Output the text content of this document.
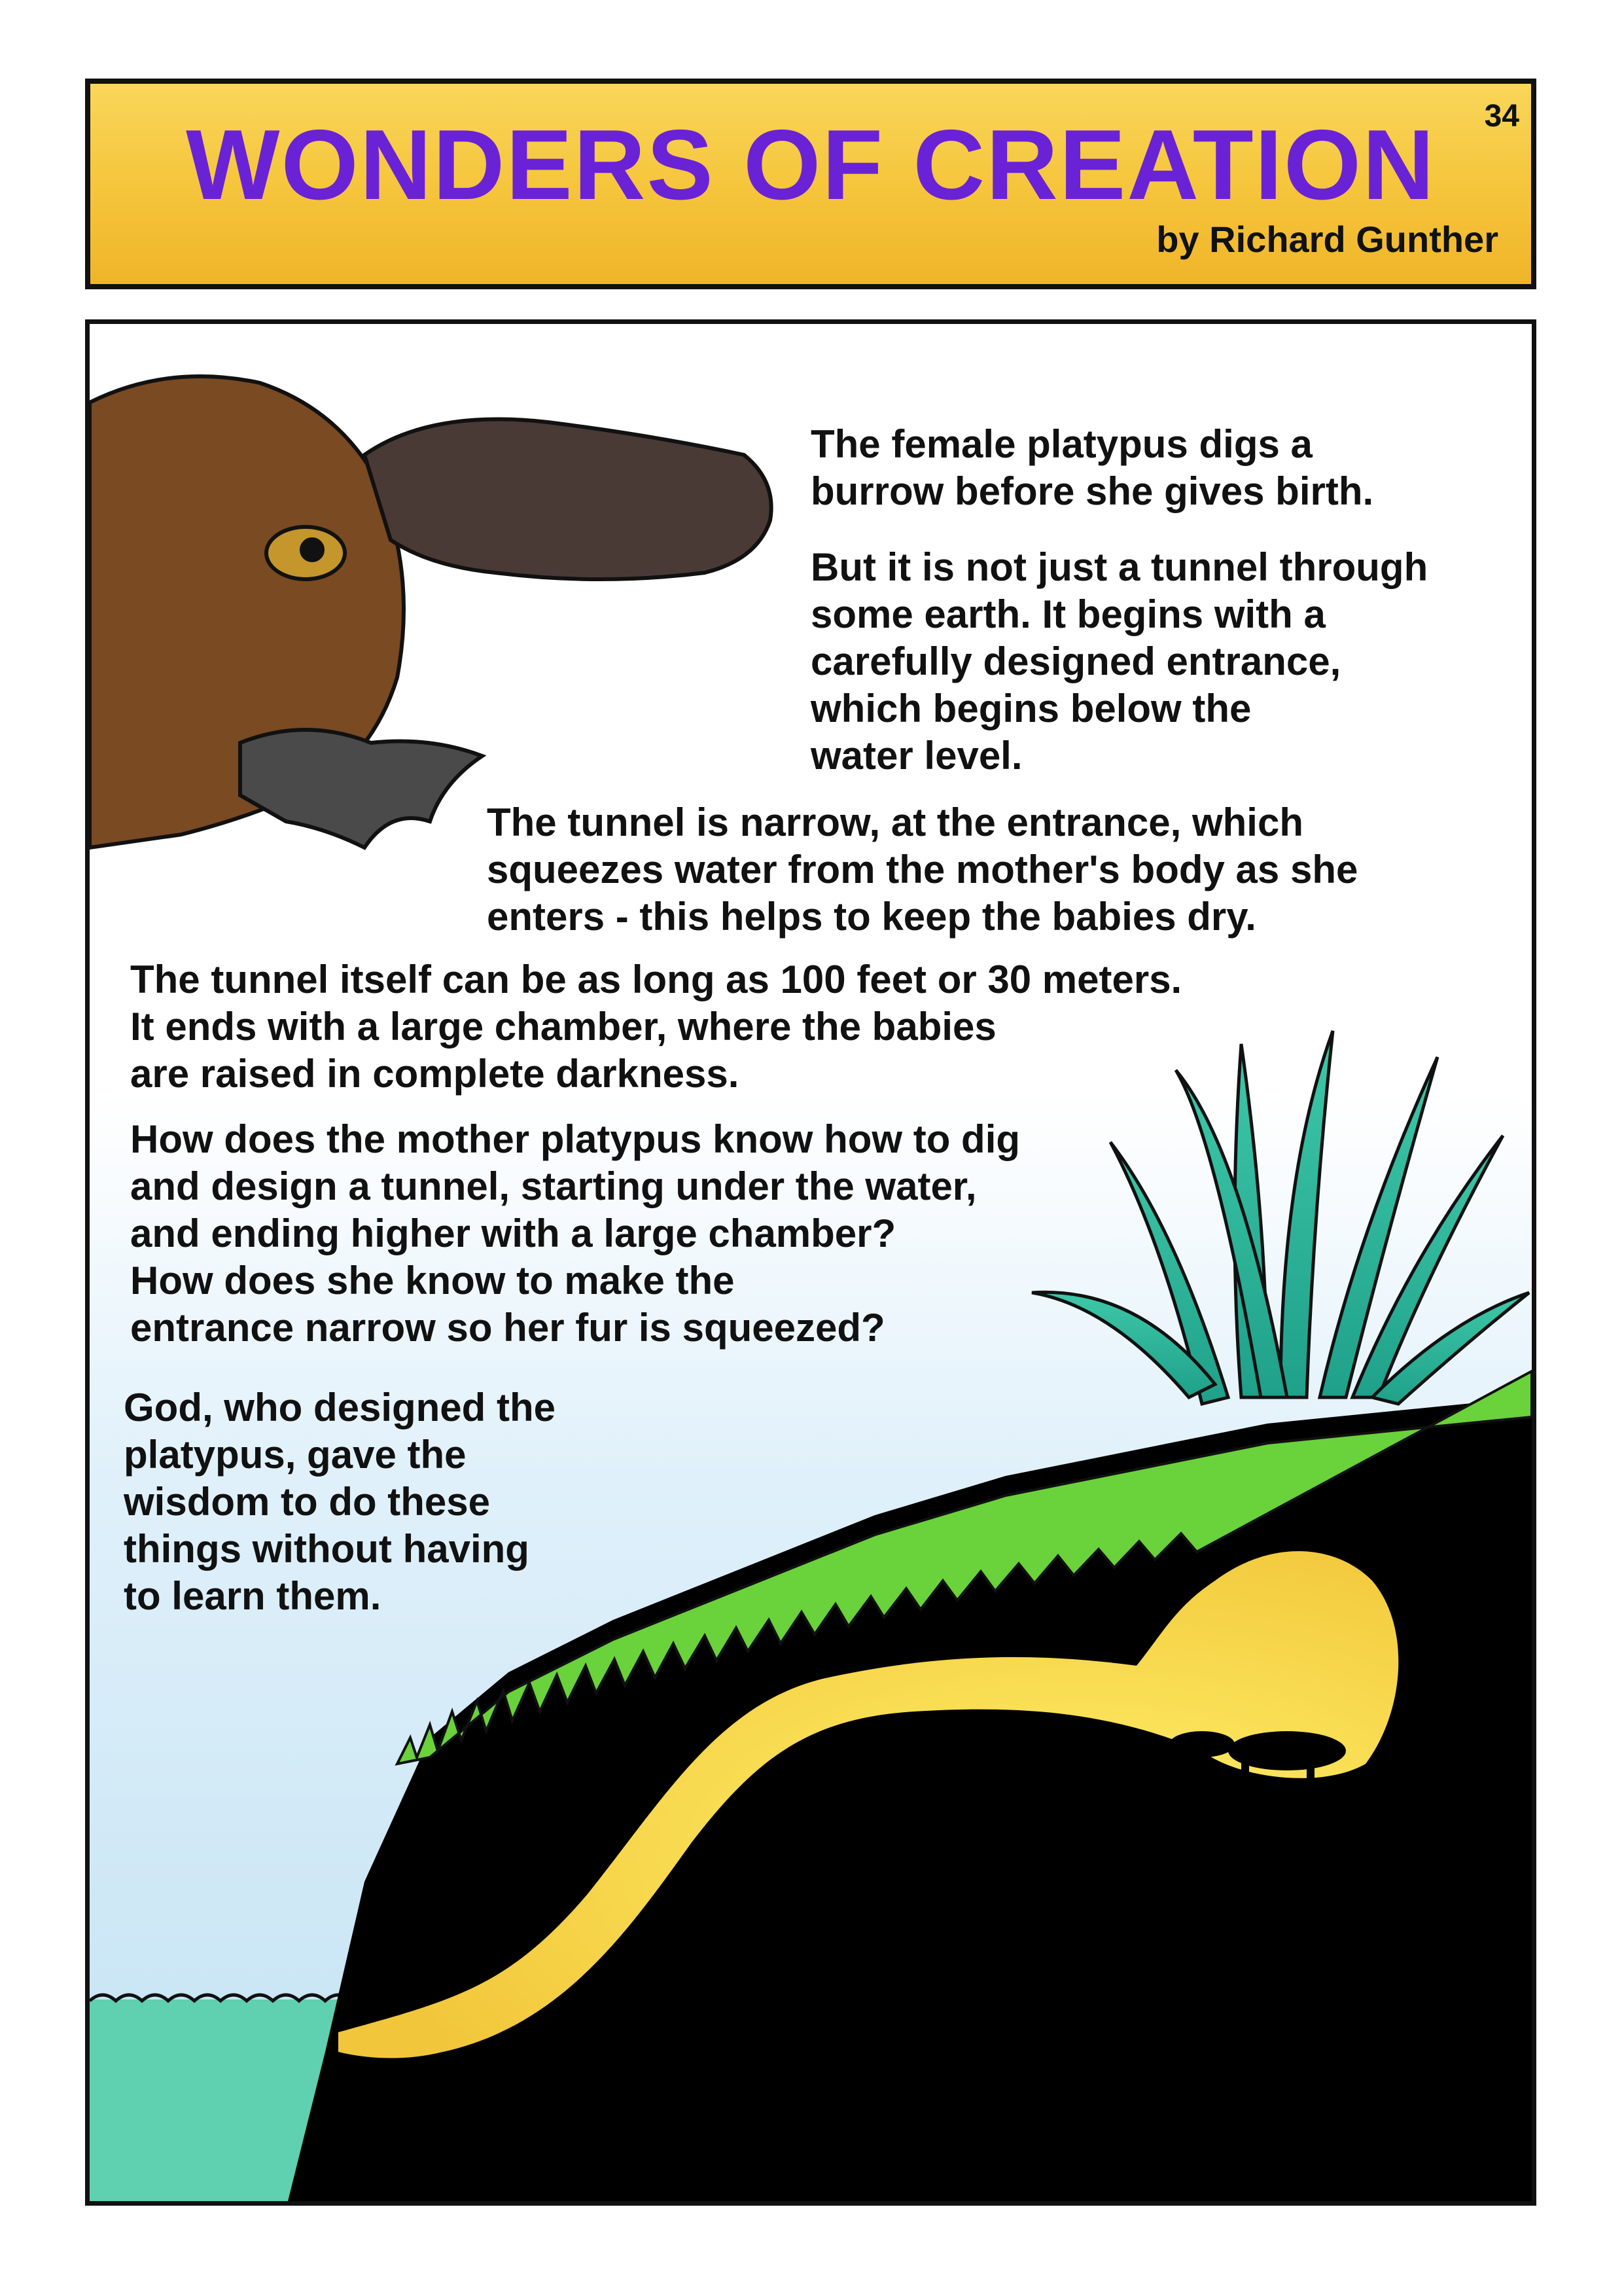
WONDERS OF CREATION	34
by Richard Gunther
The female platypus digs a
burrow before she gives birth.
But it is not just a tunnel through
some earth. It begins with a
carefully designed entrance,
which begins below the
water level.
The tunnel is narrow, at the entrance, which
squeezes water from the mother's body as she
enters - this helps to keep the babies dry.
The tunnel itself can be as long as 100 feet or 30 meters.
It ends with a large chamber, where the babies
are raised in complete darkness.
How does the mother platypus know how to dig
and design a tunnel, starting under the water,
and ending higher with a large chamber?
How does she know to make the
entrance narrow so her fur is squeezed?
God, who designed the
platypus, gave the
wisdom to do these
things without having
to learn them.
